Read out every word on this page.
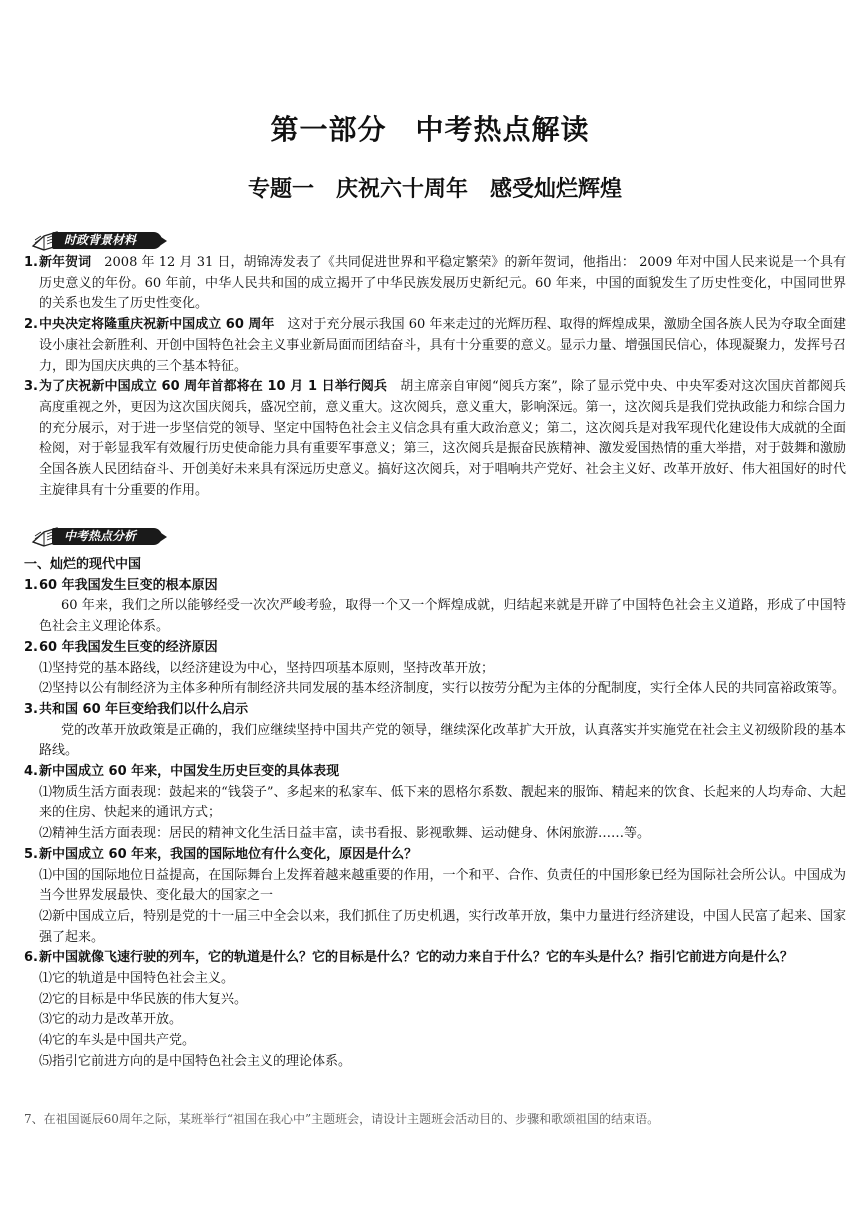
第一部分　中考热点解读
专题一　庆祝六十周年　感受灿烂辉煌
时政背景材料
1. 新年贺词　2008 年 12 月 31 日，胡锦涛发表了《共同促进世界和平稳定繁荣》的新年贺词，他指出： 2009 年对中国人民来说是一个具有历史意义的年份。60 年前，中华人民共和国的成立揭开了中华民族发展历史新纪元。60 年来，中国的面貌发生了历史性变化，中国同世界的关系也发生了历史性变化。
2. 中央决定将隆重庆祝新中国成立 60 周年　这对于充分展示我国 60 年来走过的光辉历程、取得的辉煌成果，激励全国各族人民为夺取全面建设小康社会新胜利、开创中国特色社会主义事业新局面而团结奋斗，具有十分重要的意义。显示力量、增强国民信心，体现凝聚力，发挥号召力，即为国庆庆典的三个基本特征。
3. 为了庆祝新中国成立 60 周年首都将在 10 月 1 日举行阅兵　胡主席亲自审阅“阅兵方案”，除了显示党中央、中央军委对这次国庆首都阅兵高度重视之外，更因为这次国庆阅兵，盛况空前，意义重大。这次阅兵，意义重大，影响深远。第一，这次阅兵是我们党执政能力和综合国力的充分展示，对于进一步坚信党的领导、坚定中国特色社会主义信念具有重大政治意义；第二，这次阅兵是对我军现代化建设伟大成就的全面检阅，对于彰显我军有效履行历史使命能力具有重要军事意义；第三，这次阅兵是振奋民族精神、激发爱国热情的重大举措，对于鼓舞和激励全国各族人民团结奋斗、开创美好未来具有深远历史意义。搞好这次阅兵，对于唱响共产党好、社会主义好、改革开放好、伟大祖国好的时代主旋律具有十分重要的作用。
中考热点分析
一、灿烂的现代中国
1. 60 年我国发生巨变的根本原因
60 年来，我们之所以能够经受一次次严峻考验，取得一个又一个辉煌成就，归结起来就是开辟了中国特色社会主义道路，形成了中国特色社会主义理论体系。
2. 60 年我国发生巨变的经济原因
⑴坚持党的基本路线，以经济建设为中心，坚持四项基本原则，坚持改革开放；
⑵坚持以公有制经济为主体多种所有制经济共同发展的基本经济制度，实行以按劳分配为主体的分配制度，实行全体人民的共同富裕政策等。
3. 共和国 60 年巨变给我们以什么启示
党的改革开放政策是正确的，我们应继续坚持中国共产党的领导，继续深化改革扩大开放，认真落实并实施党在社会主义初级阶段的基本路线。
4. 新中国成立 60 年来，中国发生历史巨变的具体表现
⑴物质生活方面表现：鼓起来的“钱袋子”、多起来的私家车、低下来的恩格尔系数、靓起来的服饰、精起来的饮食、长起来的人均寿命、大起来的住房、快起来的通讯方式；
⑵精神生活方面表现：居民的精神文化生活日益丰富，读书看报、影视歌舞、运动健身、休闲旅游……等。
5. 新中国成立 60 年来，我国的国际地位有什么变化，原因是什么？
⑴中国的国际地位日益提高，在国际舞台上发挥着越来越重要的作用，一个和平、合作、负责任的中国形象已经为国际社会所公认。中国成为当今世界发展最快、变化最大的国家之一
⑵新中国成立后，特别是党的十一届三中全会以来，我们抓住了历史机遇，实行改革开放，集中力量进行经济建设，中国人民富了起来、国家强了起来。
6. 新中国就像飞速行驶的列车，它的轨道是什么？它的目标是什么？它的动力来自于什么？它的车头是什么？指引它前进方向是什么？
⑴它的轨道是中国特色社会主义。
⑵它的目标是中华民族的伟大复兴。
⑶它的动力是改革开放。
⑷它的车头是中国共产党。
⑸指引它前进方向的是中国特色社会主义的理论体系。
7、在祖国诞辰60周年之际，某班举行“祖国在我心中”主题班会，请设计主题班会活动目的、步骤和歌颂祖国的结束语。
